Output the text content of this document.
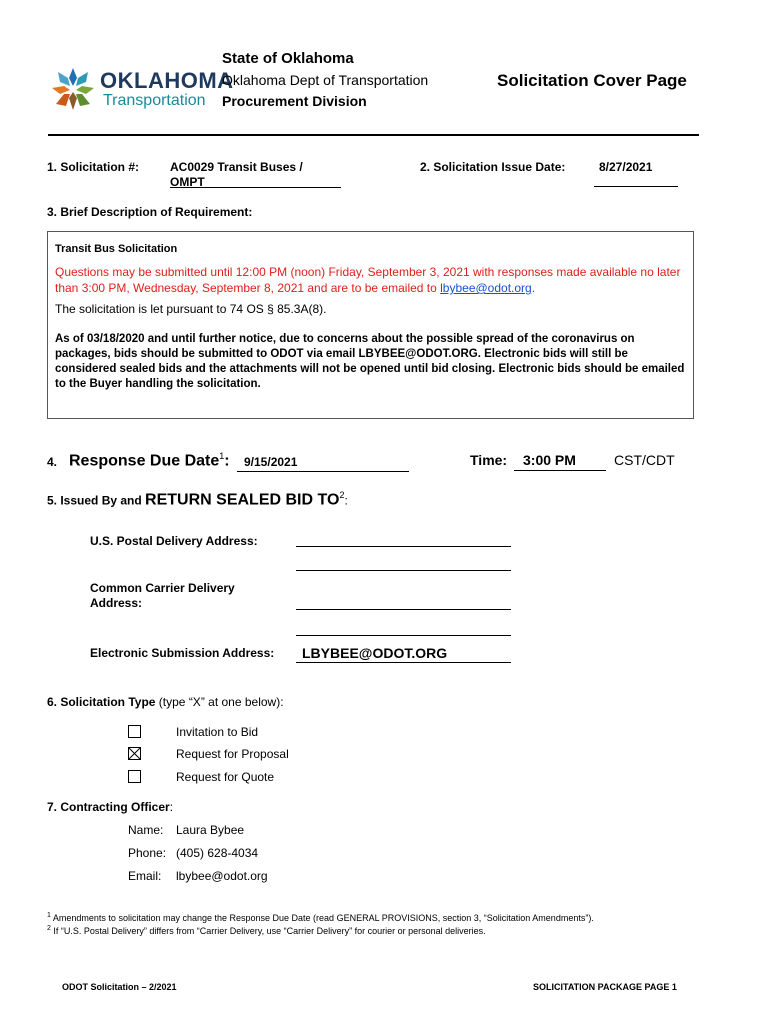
OKLAHOMA
Transportation
State of Oklahoma
Oklahoma Dept of Transportation
Procurement Division
Solicitation Cover Page
1. Solicitation #:	AC0029 Transit Buses /
OMPT
2. Solicitation Issue Date:	8/27/2021
3. Brief Description of Requirement:
Transit Bus Solicitation
Questions may be submitted until 12:00 PM (noon) Friday, September 3, 2021 with responses made available no later than 3:00 PM, Wednesday, September 8, 2021 and are to be emailed to lbybee@odot.org.
The solicitation is let pursuant to 74 OS § 85.3A(8).
As of 03/18/2020 and until further notice, due to concerns about the possible spread of the coronavirus on packages, bids should be submitted to ODOT via email LBYBEE@ODOT.ORG. Electronic bids will still be considered sealed bids and the attachments will not be opened until bid closing. Electronic bids should be emailed to the Buyer handling the solicitation.
4. Response Due Date$^1$: 9/15/2021	Time: 3:00 PM	CST/CDT
5. Issued By and RETURN SEALED BID $TO^2$:
U.S. Postal Delivery Address:
Common Carrier Delivery
Address:
Electronic Submission Address: LBYBEE@ODOT.ORG
6. Solicitation Type (type “X” at one below):
Invitation to Bid
Request for Proposal
Request for Quote
7. Contracting Officer:
Name: Laura Bybee
Phone: (405) 628-4034
Email: lbybee@odot.org
$^1$ Amendments to solicitation may change the Response Due Date (read GENERAL PROVISIONS, section 3, “Solicitation Amendments”).
$^2$ If “U.S. Postal Delivery” differs from “Carrier Delivery, use “Carrier Delivery” for courier or personal deliveries.
ODOT Solicitation – 2/2021	SOLICITATION PACKAGE PAGE 1
